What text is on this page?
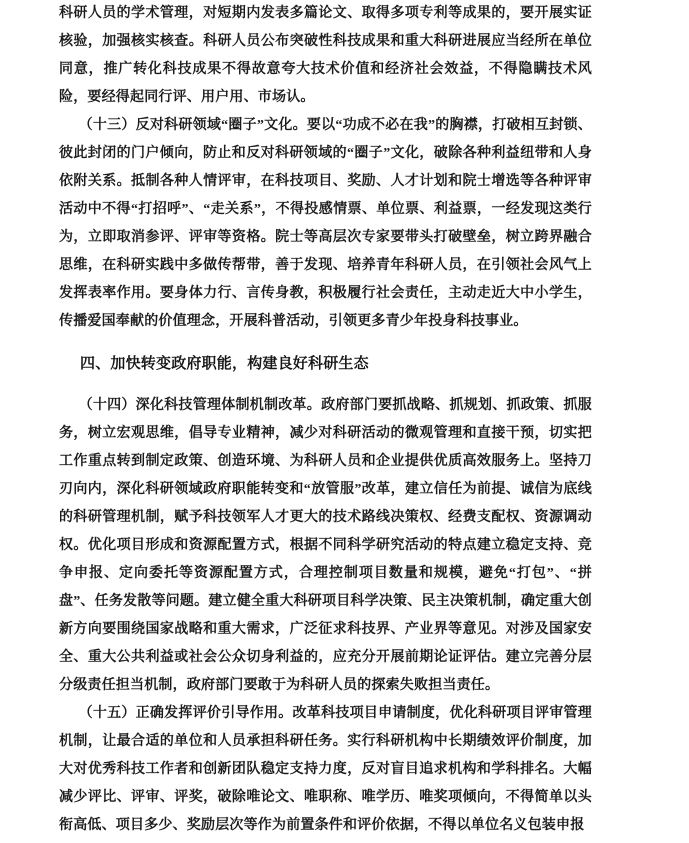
科研人员的学术管理，对短期内发表多篇论文、取得多项专利等成果的，要开展实证核验，加强核实核查。科研人员公布突破性科技成果和重大科研进展应当经所在单位同意，推广转化科技成果不得故意夸大技术价值和经济社会效益，不得隐瞒技术风险，要经得起同行评、用户用、市场认。

（十三）反对科研领域“圈子”文化。要以“功成不必在我”的胸襟，打破相互封锁、彼此封闭的门户倾向，防止和反对科研领域的“圈子”文化，破除各种利益纽带和人身依附关系。抵制各种人情评审，在科技项目、奖励、人才计划和院士增选等各种评审活动中不得“打招呼”、“走关系”，不得投感情票、单位票、利益票，一经发现这类行为，立即取消参评、评审等资格。院士等高层次专家要带头打破壁垒，树立跨界融合思维，在科研实践中多做传帮带，善于发现、培养青年科研人员，在引领社会风气上发挥表率作用。要身体力行、言传身教，积极履行社会责任，主动走近大中小学生，传播爱国奉献的价值理念，开展科普活动，引领更多青少年投身科技事业。

四、加快转变政府职能，构建良好科研生态

（十四）深化科技管理体制机制改革。政府部门要抓战略、抓规划、抓政策、抓服务，树立宏观思维，倡导专业精神，减少对科研活动的微观管理和直接干预，切实把工作重点转到制定政策、创造环境、为科研人员和企业提供优质高效服务上。坚持刀刃向内，深化科研领域政府职能转变和“放管服”改革，建立信任为前提、诚信为底线的科研管理机制，赋予科技领军人才更大的技术路线决策权、经费支配权、资源调动权。优化项目形成和资源配置方式，根据不同科学研究活动的特点建立稳定支持、竞争申报、定向委托等资源配置方式，合理控制项目数量和规模，避免“打包”、“拼盘”、任务发散等问题。建立健全重大科研项目科学决策、民主决策机制，确定重大创新方向要围绕国家战略和重大需求，广泛征求科技界、产业界等意见。对涉及国家安全、重大公共利益或社会公众切身利益的，应充分开展前期论证评估。建立完善分层分级责任担当机制，政府部门要敢于为科研人员的探索失败担当责任。

（十五）正确发挥评价引导作用。改革科技项目申请制度，优化科研项目评审管理机制，让最合适的单位和人员承担科研任务。实行科研机构中长期绩效评价制度，加大对优秀科技工作者和创新团队稳定支持力度，反对盲目追求机构和学科排名。大幅减少评比、评审、评奖，破除唯论文、唯职称、唯学历、唯奖项倾向，不得简单以头衔高低、项目多少、奖励层次等作为前置条件和评价依据，不得以单位名义包装申报
